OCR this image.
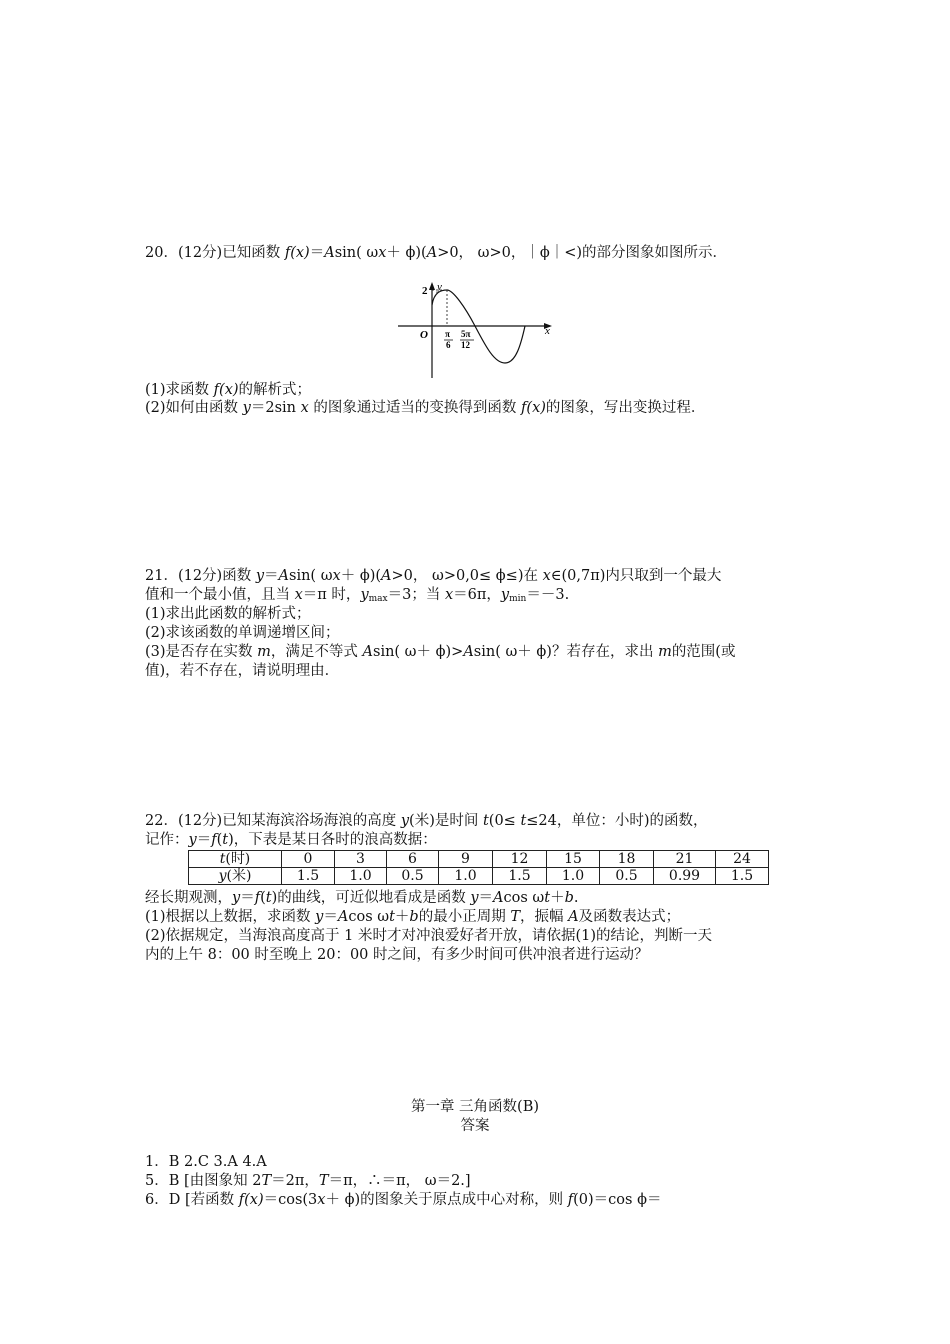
20．(12分)已知函数 f(x)＝Asin( ωx＋ ϕ)(A>0， ω>0，｜ϕ｜<)的部分图象如图所示．
y
x
O
2
π
6
5π
12
(1)求函数 f(x)的解析式；
(2)如何由函数 y＝2sin x 的图象通过适当的变换得到函数 f(x)的图象，写出变换过程．
21．(12分)函数 y＝Asin( ωx＋ ϕ)(A>0， ω>0,0≤ ϕ≤)在 x∈(0,7π)内只取到一个最大
值和一个最小值，且当 x＝π 时，$y_{max}=3$；当 x＝6π，$y_{min}=-3$.
(1)求出此函数的解析式；
(2)求该函数的单调递增区间；
(3)是否存在实数 m，满足不等式 Asin( ω＋ ϕ)>Asin( ω＋ ϕ)？若存在，求出 m的范围(或
值)，若不存在，请说明理由．
22．(12分)已知某海滨浴场海浪的高度 y(米)是时间 t(0≤ t≤24，单位：小时)的函数，
记作：y＝f(t)，下表是某日各时的浪高数据：
t(时)	0	3	6	9	12	15	18	21	24
y(米)	1.5	1.0	0.5	1.0	1.5	1.0	0.5	0.99	1.5
经长期观测，y＝f(t)的曲线，可近似地看成是函数 y＝Acos ωt＋b.
(1)根据以上数据，求函数 y＝Acos ωt＋b的最小正周期 T，振幅 A及函数表达式；
(2)依据规定，当海浪高度高于 1 米时才对冲浪爱好者开放，请依据(1)的结论，判断一天
内的上午 8：00 时至晚上 20：00 时之间，有多少时间可供冲浪者进行运动？
第一章 三角函数(B)
答案
1．B 2.C 3.A 4.A
5．B [由图象知 2T＝2π，T＝π，∴＝π， ω＝2.]
6．D [若函数 f(x)＝cos(3x＋ ϕ)的图象关于原点成中心对称，则 f(0)＝cos ϕ＝
